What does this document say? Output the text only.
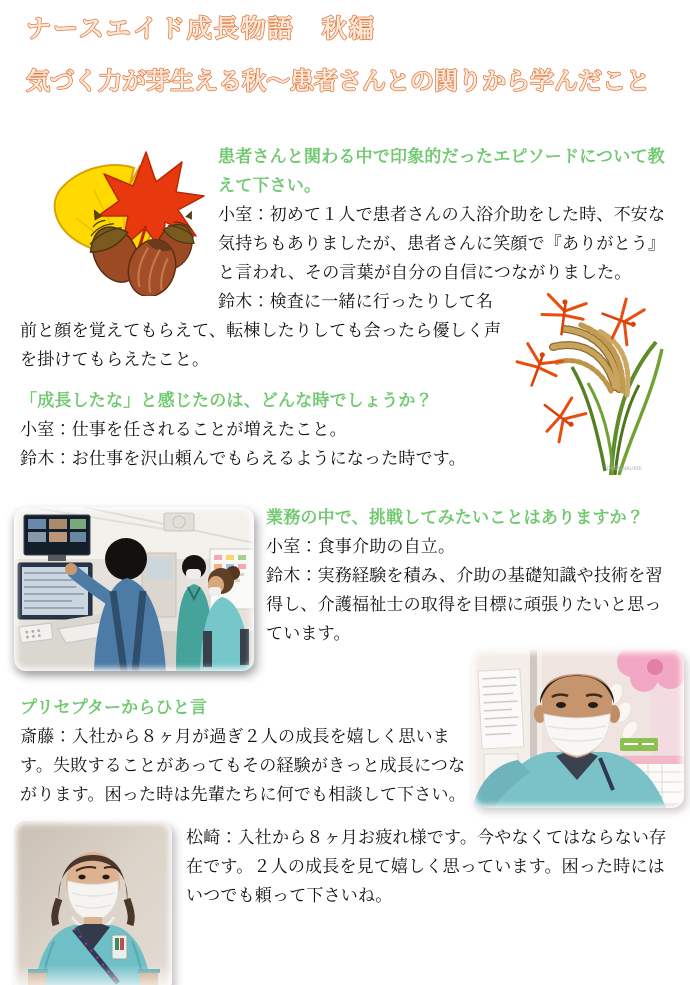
ナースエイド成長物語　秋編
気づく力が芽生える秋～患者さんとの関りから学んだこと

患者さんと関わる中で印象的だったエピソードについて教えて下さい。

小室：初めて１人で患者さんの入浴介助をした時、不安な気持ちもありましたが、患者さんに笑顔で『ありがとう』と言われ、その言葉が自分の自信につながりました。

DESIGNALIKIE

鈴木：検査に一緒に行ったりして名前と顔を覚えてもらえて、転棟したりしても会ったら優しく声を掛けてもらえたこと。

「成長したな」と感じたのは、どんな時でしょうか？

小室：仕事を任されることが増えたこと。

鈴木：お仕事を沢山頼んでもらえるようになった時です。

業務の中で、挑戦してみたいことはありますか？

小室：食事介助の自立。

鈴木：実務経験を積み、介助の基礎知識や技術を習得し、介護福祉士の取得を目標に頑張りたいと思っています。

プリセプターからひと言

斎藤：入社から８ヶ月が過ぎ２人の成長を嬉しく思います。失敗することがあってもその経験がきっと成長につながります。困った時は先輩たちに何でも相談して下さい。

松崎：入社から８ヶ月お疲れ様です。今やなくてはならない存在です。２人の成長を見て嬉しく思っています。困った時にはいつでも頼って下さいね。
